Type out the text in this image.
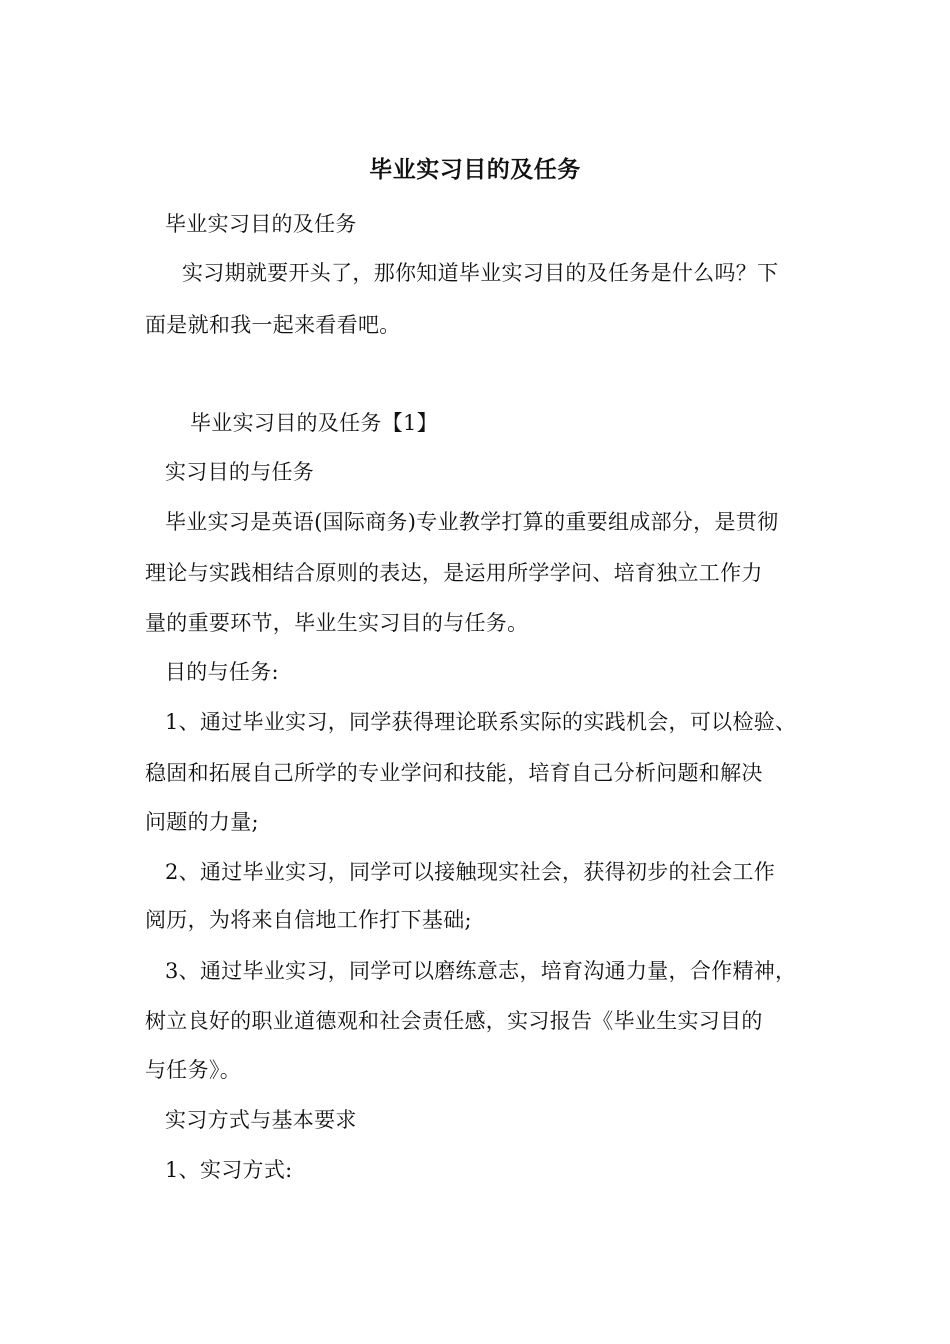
毕业实习目的及任务
毕业实习目的及任务
实习期就要开头了，那你知道毕业实习目的及任务是什么吗？下
面是就和我一起来看看吧。
毕业实习目的及任务【1】
实习目的与任务
毕业实习是英语(国际商务)专业教学打算的重要组成部分，是贯彻
理论与实践相结合原则的表达，是运用所学学问、培育独立工作力
量的重要环节，毕业生实习目的与任务。
目的与任务:
1、通过毕业实习，同学获得理论联系实际的实践机会，可以检验、
稳固和拓展自己所学的专业学问和技能，培育自己分析问题和解决
问题的力量;
2、通过毕业实习，同学可以接触现实社会，获得初步的社会工作
阅历，为将来自信地工作打下基础;
3、通过毕业实习，同学可以磨练意志，培育沟通力量，合作精神，
树立良好的职业道德观和社会责任感，实习报告《毕业生实习目的
与任务》。
实习方式与基本要求
1、实习方式:
